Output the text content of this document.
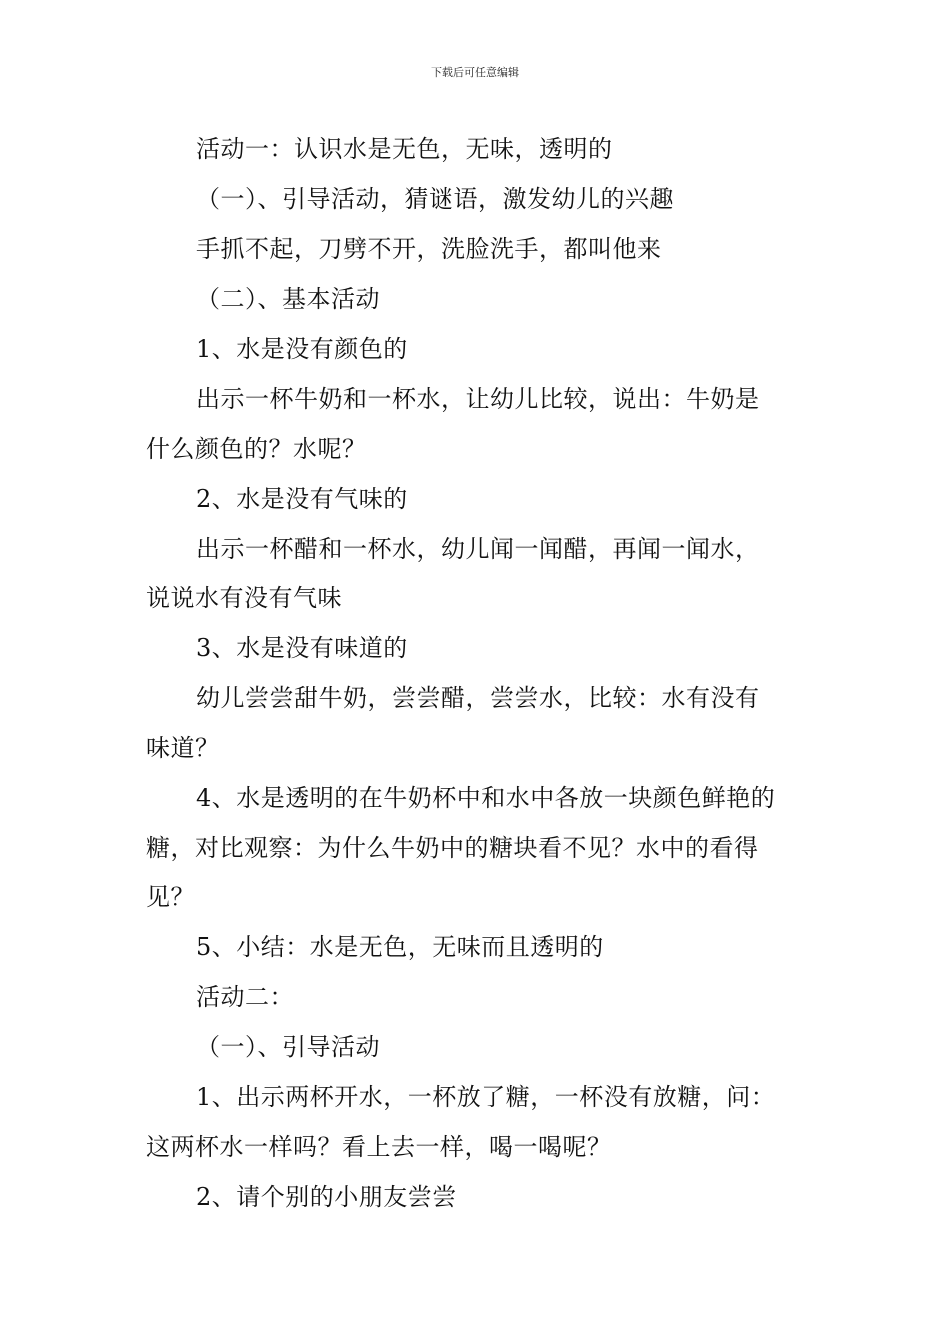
下载后可任意编辑
活动一：认识水是无色，无味，透明的
（一）、引导活动，猜谜语，激发幼儿的兴趣
手抓不起，刀劈不开，洗脸洗手，都叫他来
（二）、基本活动
1、水是没有颜色的
出示一杯牛奶和一杯水，让幼儿比较，说出：牛奶是
什么颜色的？水呢？
2、水是没有气味的
出示一杯醋和一杯水，幼儿闻一闻醋，再闻一闻水，
说说水有没有气味
3、水是没有味道的
幼儿尝尝甜牛奶，尝尝醋，尝尝水，比较：水有没有
味道？
4、水是透明的在牛奶杯中和水中各放一块颜色鲜艳的
糖，对比观察：为什么牛奶中的糖块看不见？水中的看得
见？
5、小结：水是无色，无味而且透明的
活动二：
（一）、引导活动
1、出示两杯开水，一杯放了糖，一杯没有放糖，问：
这两杯水一样吗？看上去一样，喝一喝呢？
2、请个别的小朋友尝尝
